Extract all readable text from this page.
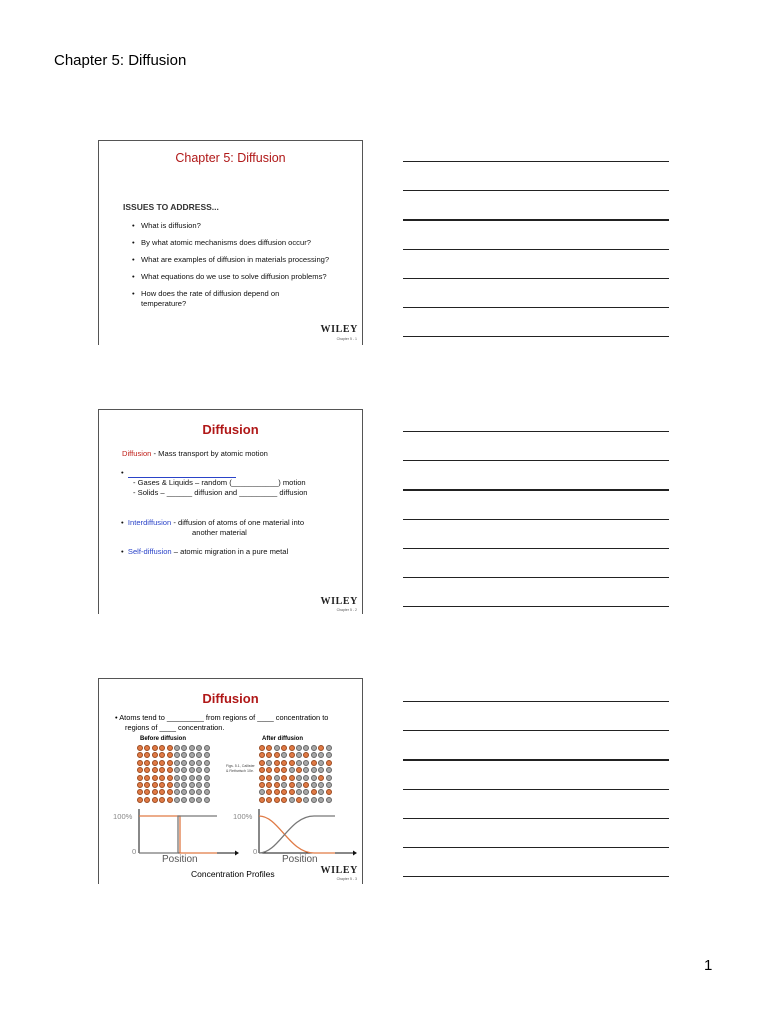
Chapter 5: Diffusion
Chapter 5: Diffusion
ISSUES TO ADDRESS...
• What is diffusion?
• By what atomic mechanisms does diffusion occur?
• What are examples of diffusion in materials processing?
• What equations do we use to solve diffusion problems?
• How does the rate of diffusion depend on temperature?
WILEY
Chapter 5 - 1
Diffusion
Diffusion - Mass transport by atomic motion
•
- Gases & Liquids – random (___________) motion
- Solids – ______ diffusion and _________ diffusion
•  Interdiffusion - diffusion of atoms of one material into
another material
•  Self-diffusion – atomic migration in a pure metal
WILEY
Chapter 5 - 2
Diffusion
• Atoms tend to _________ from regions of ____ concentration to
regions of ____ concentration.
Before diffusion	After diffusion
Figs. 5.1, Callister & Rethwisch 10e.
100%
0
100%
0
Position	Position
Concentration Profiles	WILEY
Chapter 5 - 3
1
